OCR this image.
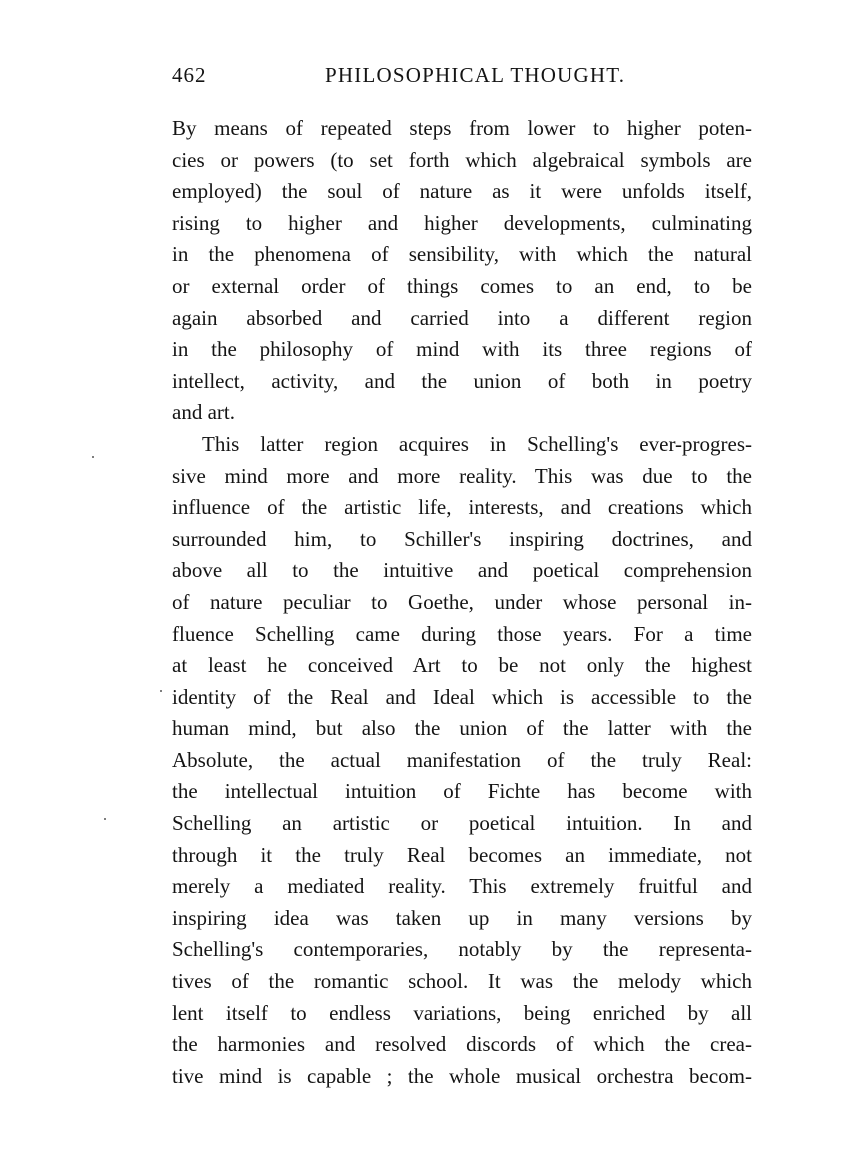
462	PHILOSOPHICAL THOUGHT.
By means of repeated steps from lower to higher poten-
cies or powers (to set forth which algebraical symbols are
employed) the soul of nature as it were unfolds itself,
rising to higher and higher developments, culminating
in the phenomena of sensibility, with which the natural
or external order of things comes to an end, to be
again absorbed and carried into a different region
in the philosophy of mind with its three regions of
intellect, activity, and the union of both in poetry
and art.
This latter region acquires in Schelling's ever-progres-
sive mind more and more reality. This was due to the
influence of the artistic life, interests, and creations which
surrounded him, to Schiller's inspiring doctrines, and
above all to the intuitive and poetical comprehension
of nature peculiar to Goethe, under whose personal in-
fluence Schelling came during those years. For a time
at least he conceived Art to be not only the highest
identity of the Real and Ideal which is accessible to the
human mind, but also the union of the latter with the
Absolute, the actual manifestation of the truly Real:
the intellectual intuition of Fichte has become with
Schelling an artistic or poetical intuition. In and
through it the truly Real becomes an immediate, not
merely a mediated reality. This extremely fruitful and
inspiring idea was taken up in many versions by
Schelling's contemporaries, notably by the representa-
tives of the romantic school. It was the melody which
lent itself to endless variations, being enriched by all
the harmonies and resolved discords of which the crea-
tive mind is capable ; the whole musical orchestra becom-
